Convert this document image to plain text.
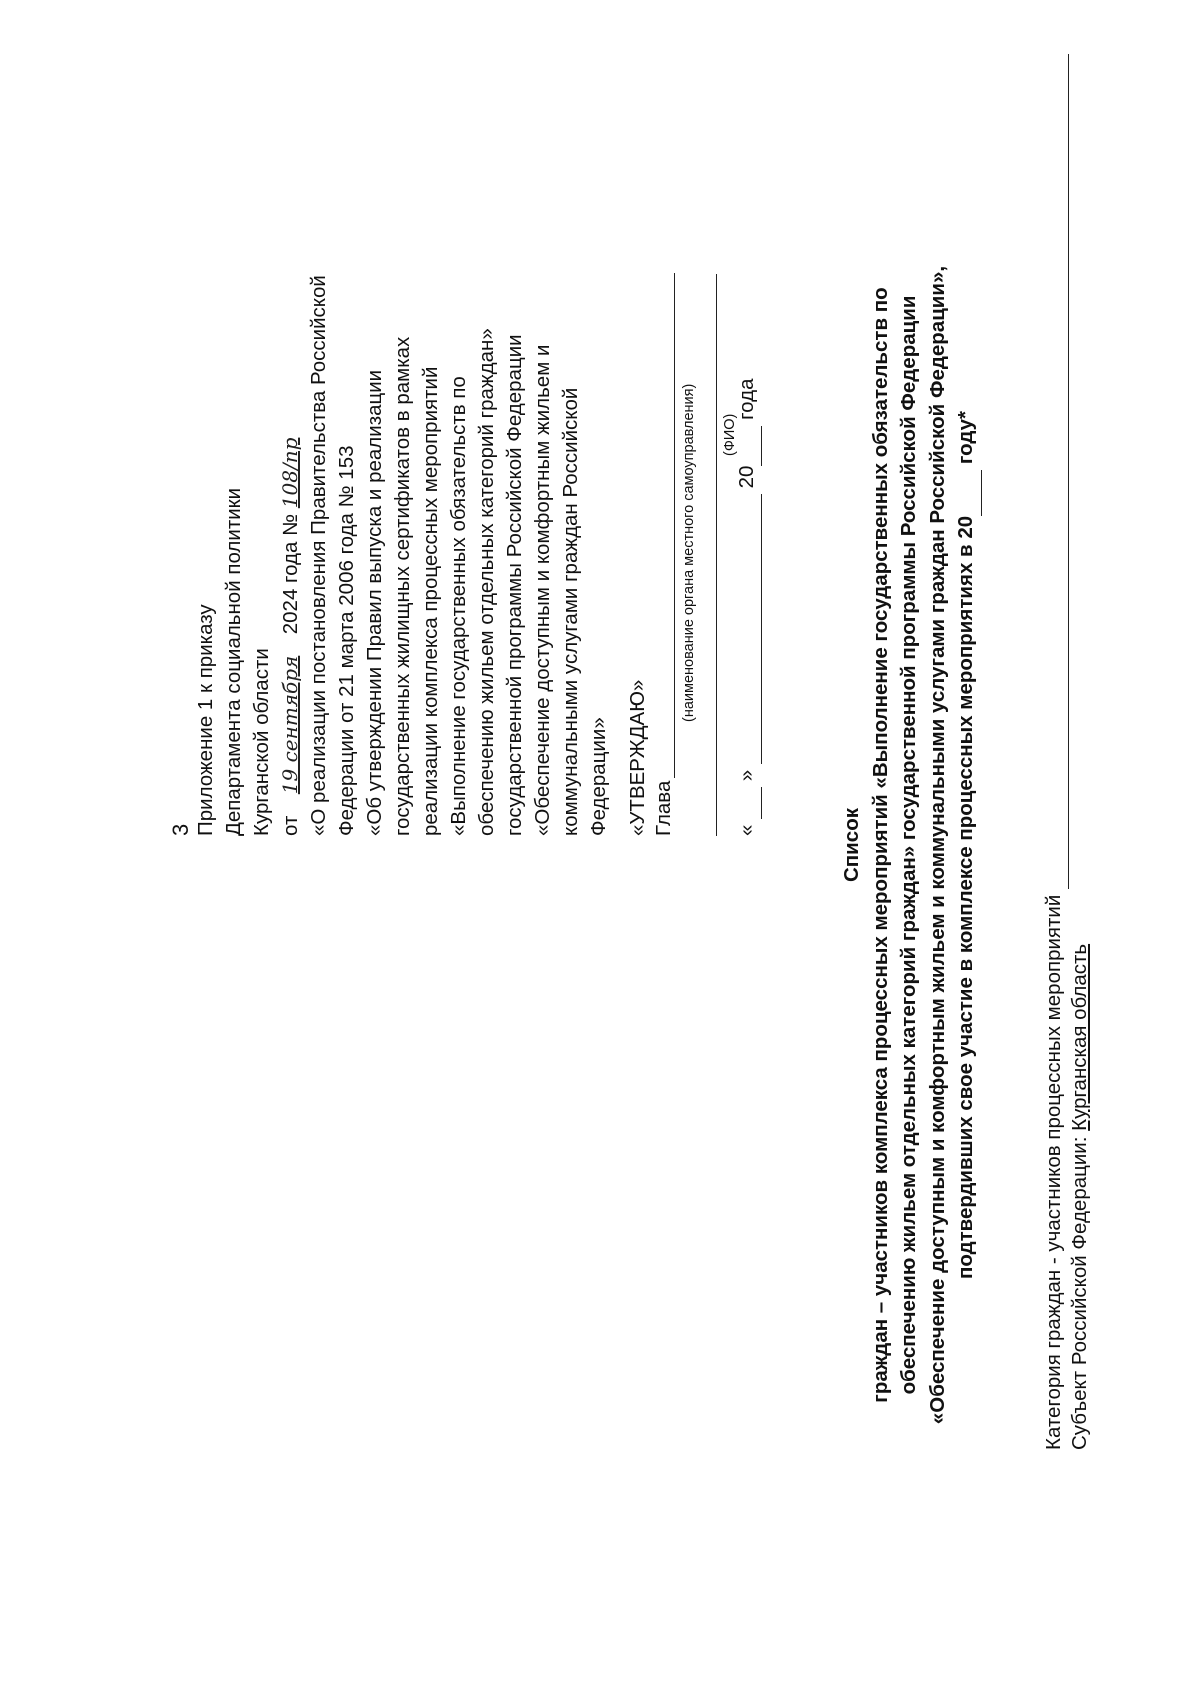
3 Приложение 1 к приказу Департамента социальной политики Курганской области от 19 сентября 2024 года № 108/пр «О реализации постановления Правительства Российской Федерации от 21 марта 2006 года № 153 «Об утверждении Правил выпуска и реализации государственных жилищных сертификатов в рамках реализации комплекса процессных мероприятий «Выполнение государственных обязательств по обеспечению жильем отдельных категорий граждан» государственной программы Российской Федерации «Обеспечение доступным и комфортным жильем и коммунальными услугами граждан Российской Федерации» «УТВЕРЖДАЮ» Глава
(наименование органа местного самоуправления) (ФИО)
«   »   20  года
Список граждан – участников комплекса процессных мероприятий «Выполнение государственных обязательств по обеспечению жильем отдельных категорий граждан» государственной программы Российской Федерации «Обеспечение доступным и комфортным жильем и коммунальными услугами граждан Российской Федерации», подтвердивших свое участие в комплексе процессных мероприятиях в 20  году*
Категория граждан - участников процессных мероприятий Субъект Российской Федерации: Курганская область
